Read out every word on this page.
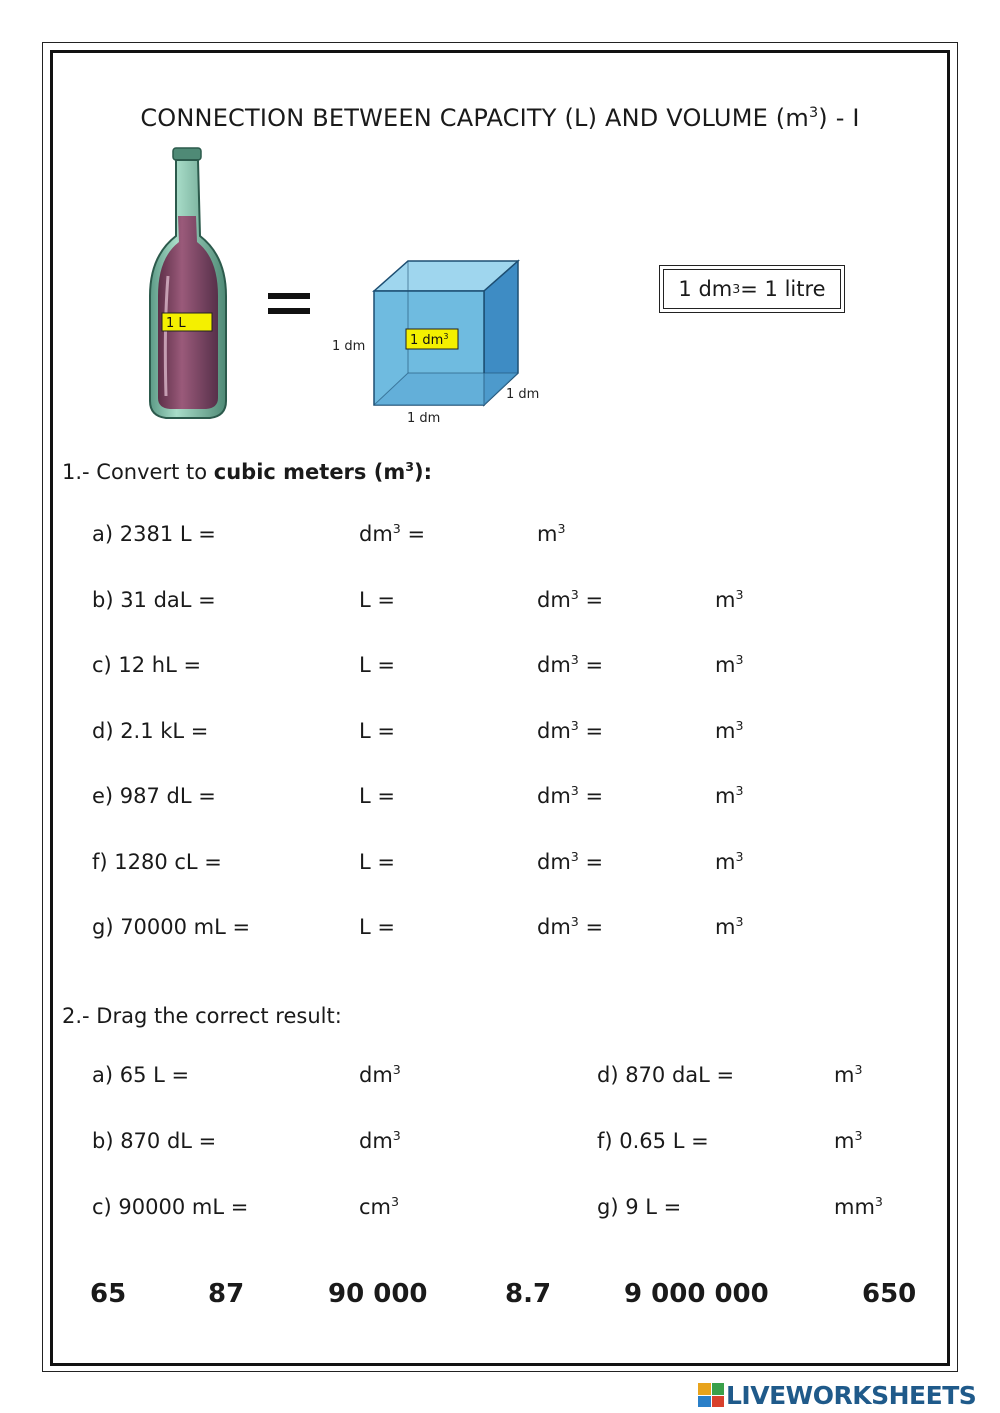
CONNECTION BETWEEN CAPACITY (L) AND VOLUME $(m^3)$ - I
1 L
1 $dm^3$
1 dm
1 dm
1 dm
1 dm 3 = 1 litre
1.- Convert to cubic meters $(m^3)$:
a) 2381 L =	$dm^3$ =	$m^3$
b) 31 daL =	L =	$dm^3$ =	$m^3$
c) 12 hL =	L =	$dm^3$ =	$m^3$
d) 2.1 kL =	L =	$dm^3$ =	$m^3$
e) 987 dL =	L =	$dm^3$ =	$m^3$
f) 1280 cL =	L =	$dm^3$ =	$m^3$
g) 70000 mL =	L =	$dm^3$ =	$m^3$
2.- Drag the correct result:
a) 65 L =	$dm^3$	d) 870 daL =	$m^3$
b) 870 dL =	$dm^3$	f) 0.65 L =	$m^3$
c) 90000 mL =	$cm^3$	g) 9 L =	$mm^3$
65	87	90 000	8.7	9 000 000	650
LIVEWORKSHEETS
